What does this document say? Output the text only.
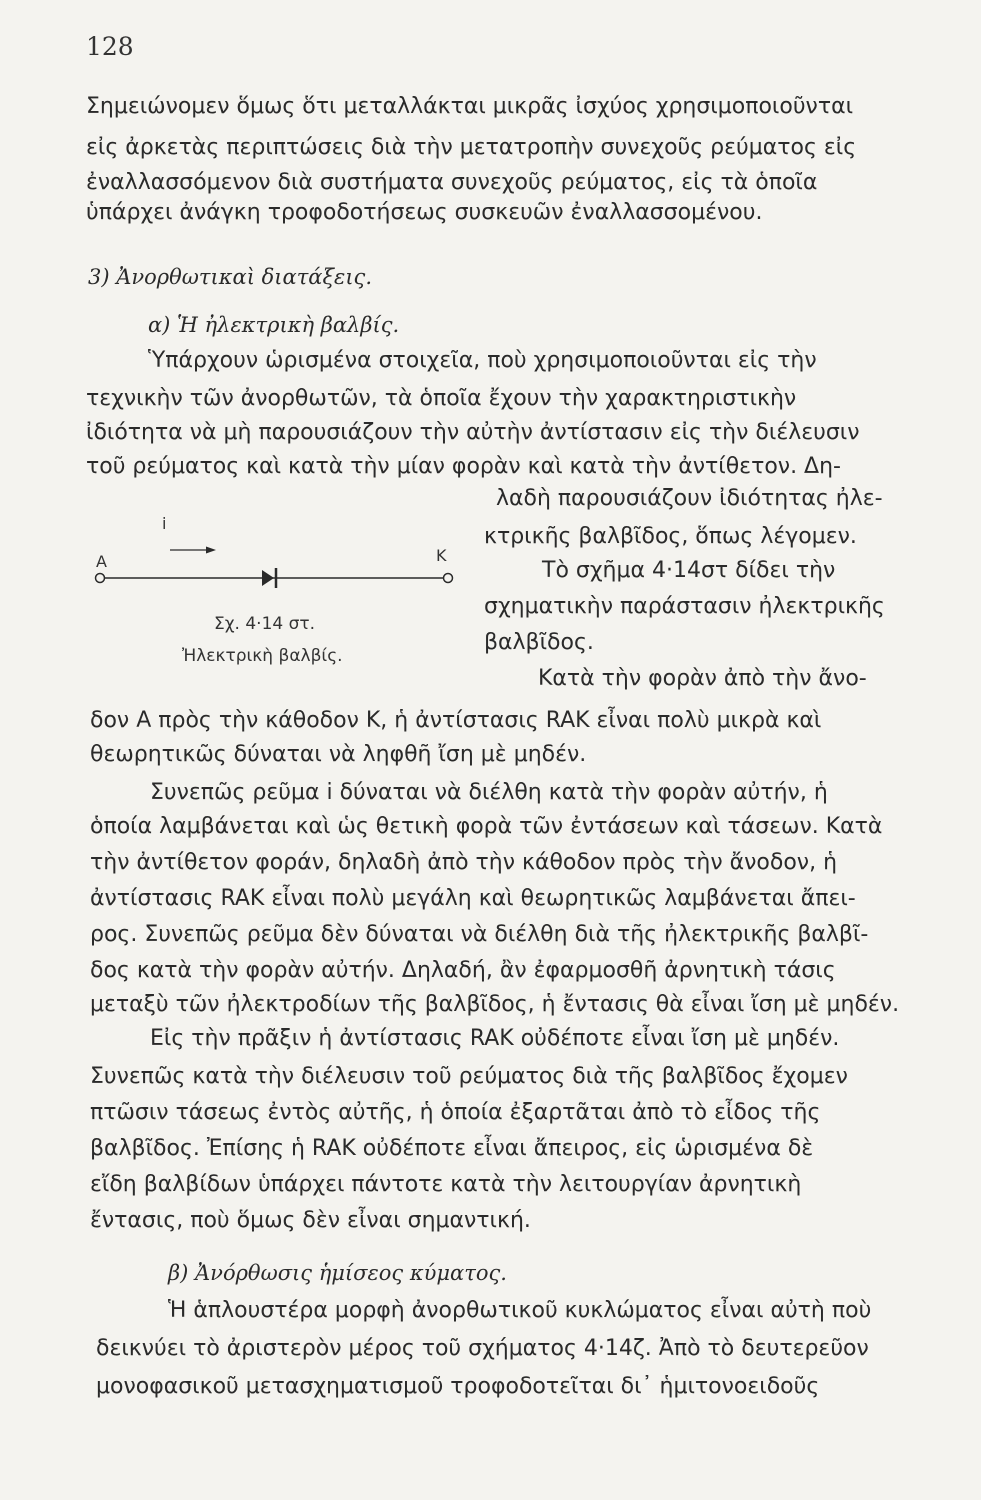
128
Σημειώνομεν ὅμως ὅτι μεταλλάκται μικρᾶς ἰσχύος χρησιμοποιοῦνται
εἰς ἀρκετὰς περιπτώσεις διὰ τὴν μετατροπὴν συνεχοῦς ρεύματος εἰς
ἐναλλασσόμενον διὰ συστήματα συνεχοῦς ρεύματος, εἰς τὰ ὁποῖα
ὑπάρχει ἀνάγκη τροφοδοτήσεως συσκευῶν ἐναλλασσομένου.
3) Ἀνορθωτικαὶ διατάξεις.
α) Ἡ ἠλεκτρικὴ βαλβίς.
Ὑπάρχουν ὡρισμένα στοιχεῖα, ποὺ χρησιμοποιοῦνται εἰς τὴν
τεχνικὴν τῶν ἀνορθωτῶν, τὰ ὁποῖα ἔχουν τὴν χαρακτηριστικὴν
ἰδιότητα νὰ μὴ παρουσιάζουν τὴν αὐτὴν ἀντίστασιν εἰς τὴν διέλευσιν
τοῦ ρεύματος καὶ κατὰ τὴν μίαν φορὰν καὶ κατὰ τὴν ἀντίθετον. Δη-
λαδὴ παρουσιάζουν ἰδιότητας ἠλε-
κτρικῆς βαλβῖδος, ὅπως λέγομεν.
Τὸ σχῆμα 4·14στ δίδει τὴν
σχηματικὴν παράστασιν ἠλεκτρικῆς
βαλβῖδος.
Κατὰ τὴν φορὰν ἀπὸ τὴν ἄνο-
i
A	K
Σχ. 4·14 στ.
Ἠλεκτρικὴ βαλβίς.
δον Α πρὸς τὴν κάθοδον Κ, ἡ ἀντίστασις RAK εἶναι πολὺ μικρὰ καὶ
θεωρητικῶς δύναται νὰ ληφθῆ ἴση μὲ μηδέν.
Συνεπῶς ρεῦμα i δύναται νὰ διέλθη κατὰ τὴν φορὰν αὐτήν, ἡ
ὁποία λαμβάνεται καὶ ὡς θετικὴ φορὰ τῶν ἐντάσεων καὶ τάσεων. Κατὰ
τὴν ἀντίθετον φοράν, δηλαδὴ ἀπὸ τὴν κάθοδον πρὸς τὴν ἄνοδον, ἡ
ἀντίστασις RAK εἶναι πολὺ μεγάλη καὶ θεωρητικῶς λαμβάνεται ἄπει-
ρος. Συνεπῶς ρεῦμα δὲν δύναται νὰ διέλθη διὰ τῆς ἠλεκτρικῆς βαλβῖ-
δος κατὰ τὴν φορὰν αὐτήν. Δηλαδή, ἂν ἐφαρμοσθῆ ἀρνητικὴ τάσις
μεταξὺ τῶν ἠλεκτροδίων τῆς βαλβῖδος, ἡ ἔντασις θὰ εἶναι ἴση μὲ μηδέν.
Εἰς τὴν πρᾶξιν ἡ ἀντίστασις RAK οὐδέποτε εἶναι ἴση μὲ μηδέν.
Συνεπῶς κατὰ τὴν διέλευσιν τοῦ ρεύματος διὰ τῆς βαλβῖδος ἔχομεν
πτῶσιν τάσεως ἐντὸς αὐτῆς, ἡ ὁποία ἐξαρτᾶται ἀπὸ τὸ εἶδος τῆς
βαλβῖδος. Ἐπίσης ἡ RAK οὐδέποτε εἶναι ἄπειρος, εἰς ὡρισμένα δὲ
εἴδη βαλβίδων ὑπάρχει πάντοτε κατὰ τὴν λειτουργίαν ἀρνητικὴ
ἔντασις, ποὺ ὅμως δὲν εἶναι σημαντική.
β) Ἀνόρθωσις ἡμίσεος κύματος.
Ἡ ἁπλουστέρα μορφὴ ἀνορθωτικοῦ κυκλώματος εἶναι αὐτὴ ποὺ
δεικνύει τὸ ἀριστερὸν μέρος τοῦ σχήματος 4·14ζ. Ἀπὸ τὸ δευτερεῦον
μονοφασικοῦ μετασχηματισμοῦ τροφοδοτεῖται δι᾽ ἡμιτονοειδοῦς
